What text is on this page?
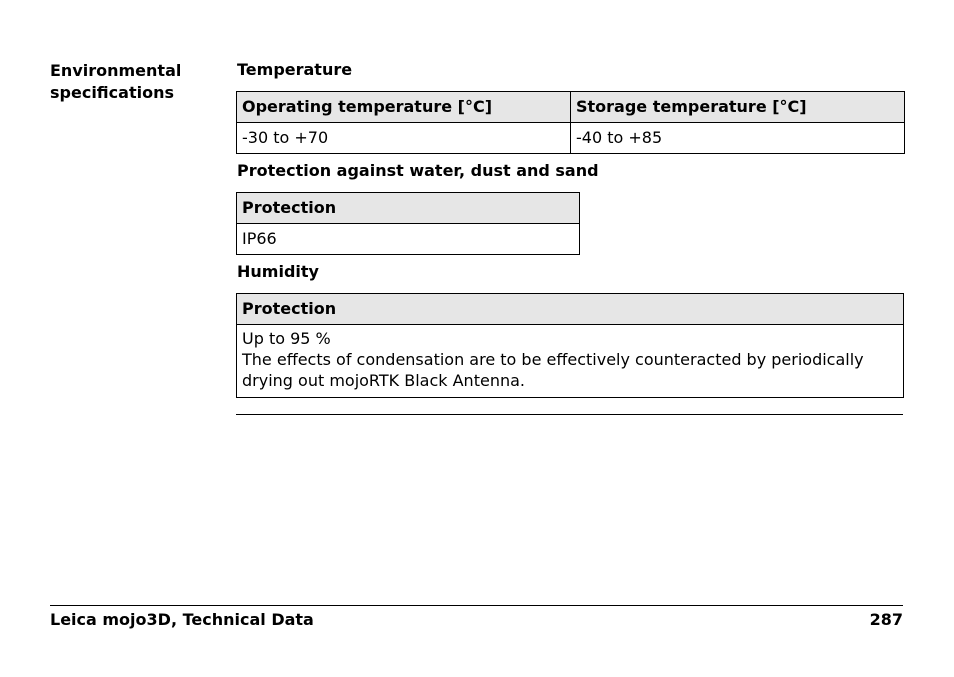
Environmental specifications
Temperature
Operating temperature [°C]	Storage temperature [°C]
-30 to +70	-40 to +85
Protection against water, dust and sand
Protection
IP66
Humidity
Protection
Up to 95 %
The effects of condensation are to be effectively counteracted by periodically drying out mojoRTK Black Antenna.
Leica mojo3D, Technical Data	287
